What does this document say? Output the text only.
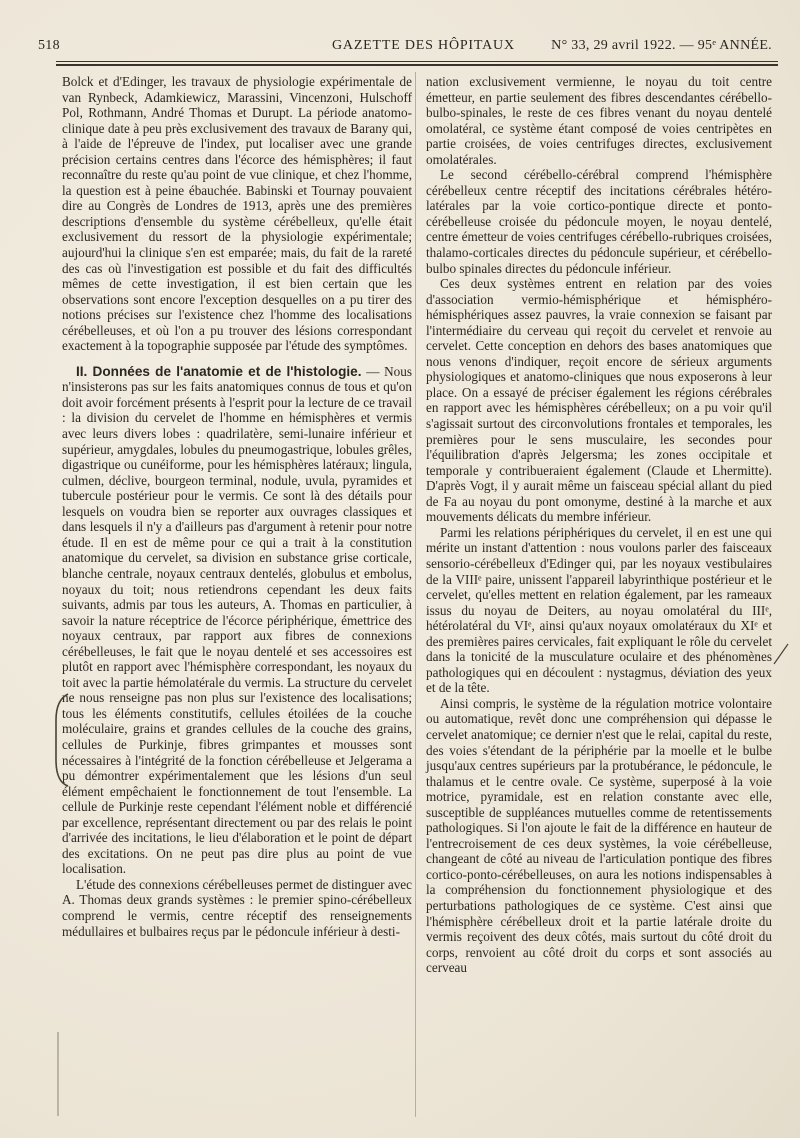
518	GAZETTE DES HÔPITAUX	N° 33, 29 avril 1922. — 95ᵉ ANNÉE.

Bolck et d'Edinger, les travaux de physiologie expérimentale de van Rynbeck, Adamkiewicz, Marassini, Vincenzoni, Hulschoff Pol, Rothmann, André Thomas et Durupt. La période anatomo-clinique date à peu près exclusivement des travaux de Barany qui, à l'aide de l'épreuve de l'index, put localiser avec une grande précision certains centres dans l'écorce des hémisphères; il faut reconnaître du reste qu'au point de vue clinique, et chez l'homme, la question est à peine ébauchée. Babinski et Tournay pouvaient dire au Congrès de Londres de 1913, après une des premières descriptions d'ensemble du système cérébelleux, qu'elle était exclusivement du ressort de la physiologie expérimentale; aujourd'hui la clinique s'en est emparée; mais, du fait de la rareté des cas où l'investigation est possible et du fait des difficultés mêmes de cette investigation, il est bien certain que les observations sont encore l'exception desquelles on a pu tirer des notions précises sur l'existence chez l'homme des localisations cérébelleuses, et où l'on a pu trouver des lésions correspondant exactement à la topographie supposée par l'étude des symptômes.

II. Données de l'anatomie et de l'histologie. — Nous n'insisterons pas sur les faits anatomiques connus de tous et qu'on doit avoir forcément présents à l'esprit pour la lecture de ce travail : la division du cervelet de l'homme en hémisphères et vermis avec leurs divers lobes : quadrilatère, semi-lunaire inférieur et supérieur, amygdales, lobules du pneumogastrique, lobules grêles, digastrique ou cunéiforme, pour les hémisphères latéraux; lingula, culmen, déclive, bourgeon terminal, nodule, uvula, pyramides et tubercule postérieur pour le vermis. Ce sont là des détails pour lesquels on voudra bien se reporter aux ouvrages classiques et dans lesquels il n'y a d'ailleurs pas d'argument à retenir pour notre étude. Il en est de même pour ce qui a trait à la constitution anatomique du cervelet, sa division en substance grise corticale, blanche centrale, noyaux centraux dentelés, globulus et embolus, noyaux du toit; nous retiendrons cependant les deux faits suivants, admis par tous les auteurs, A. Thomas en particulier, à savoir la nature réceptrice de l'écorce périphérique, émettrice des noyaux centraux, par rapport aux fibres de connexions cérébelleuses, le fait que le noyau dentelé et ses accessoires est plutôt en rapport avec l'hémisphère correspondant, les noyaux du toit avec la partie hémolatérale du vermis. La structure du cervelet ne nous renseigne pas non plus sur l'existence des localisations; tous les éléments constitutifs, cellules étoilées de la couche moléculaire, grains et grandes cellules de la couche des grains, cellules de Purkinje, fibres grimpantes et mousses sont nécessaires à l'intégrité de la fonction cérébelleuse et Jelgerama a pu démontrer expérimentalement que les lésions d'un seul élément empêchaient le fonctionnement de tout l'ensemble. La cellule de Purkinje reste cependant l'élément noble et différencié par excellence, représentant directement ou par des relais le point d'arrivée des incitations, le lieu d'élaboration et le point de départ des excitations. On ne peut pas dire plus au point de vue localisation.

L'étude des connexions cérébelleuses permet de distinguer avec A. Thomas deux grands systèmes : le premier spino-cérébelleux comprend le vermis, centre réceptif des renseignements médullaires et bulbaires reçus par le pédoncule inférieur à desti-

nation exclusivement vermienne, le noyau du toit centre émetteur, en partie seulement des fibres descendantes cérébello-bulbo-spinales, le reste de ces fibres venant du noyau dentelé omolatéral, ce système étant composé de voies centripètes en partie croisées, de voies centrifuges directes, exclusivement omolatérales.

Le second cérébello-cérébral comprend l'hémisphère cérébelleux centre réceptif des incitations cérébrales hétéro-latérales par la voie cortico-pontique directe et ponto-cérébelleuse croisée du pédoncule moyen, le noyau dentelé, centre émetteur de voies centrifuges cérébello-rubriques croisées, thalamo-corticales directes du pédoncule supérieur, et cérébello-bulbo spinales directes du pédoncule inférieur.

Ces deux systèmes entrent en relation par des voies d'association vermio-hémisphérique et hémisphéro-hémisphériques assez pauvres, la vraie connexion se faisant par l'intermédiaire du cerveau qui reçoit du cervelet et renvoie au cervelet. Cette conception en dehors des bases anatomiques que nous venons d'indiquer, reçoit encore de sérieux arguments physiologiques et anatomo-cliniques que nous exposerons à leur place. On a essayé de préciser également les régions cérébrales en rapport avec les hémisphères cérébelleux; on a pu voir qu'il s'agissait surtout des circonvolutions frontales et temporales, les premières pour le sens musculaire, les secondes pour l'équilibration d'après Jelgersma; les zones occipitale et temporale y contribueraient également (Claude et Lhermitte). D'après Vogt, il y aurait même un faisceau spécial allant du pied de Fa au noyau du pont omonyme, destiné à la marche et aux mouvements délicats du membre inférieur.

Parmi les relations périphériques du cervelet, il en est une qui mérite un instant d'attention : nous voulons parler des faisceaux sensorio-cérébelleux d'Edinger qui, par les noyaux vestibulaires de la VIIIᵉ paire, unissent l'appareil labyrinthique postérieur et le cervelet, qu'elles mettent en relation également, par les rameaux issus du noyau de Deiters, au noyau omolatéral du IIIᵉ, hétérolatéral du VIᵉ, ainsi qu'aux noyaux omolatéraux du XIᵉ et des premières paires cervicales, fait expliquant le rôle du cervelet dans la tonicité de la musculature oculaire et des phénomènes pathologiques qui en découlent : nystagmus, déviation des yeux et de la tête.

Ainsi compris, le système de la régulation motrice volontaire ou automatique, revêt donc une compréhension qui dépasse le cervelet anatomique; ce dernier n'est que le relai, capital du reste, des voies s'étendant de la périphérie par la moelle et le bulbe jusqu'aux centres supérieurs par la protubérance, le pédoncule, le thalamus et le centre ovale. Ce système, superposé à la voie motrice, pyramidale, est en relation constante avec elle, susceptible de suppléances mutuelles comme de retentissements pathologiques. Si l'on ajoute le fait de la différence en hauteur de l'entrecroisement de ces deux systèmes, la voie cérébelleuse, changeant de côté au niveau de l'articulation pontique des fibres cortico-ponto-cérébelleuses, on aura les notions indispensables à la compréhension du fonctionnement physiologique et des perturbations pathologiques de ce système. C'est ainsi que l'hémisphère cérébelleux droit et la partie latérale droite du vermis reçoivent des deux côtés, mais surtout du côté droit du corps, renvoient au côté droit du corps et sont associés au cerveau
